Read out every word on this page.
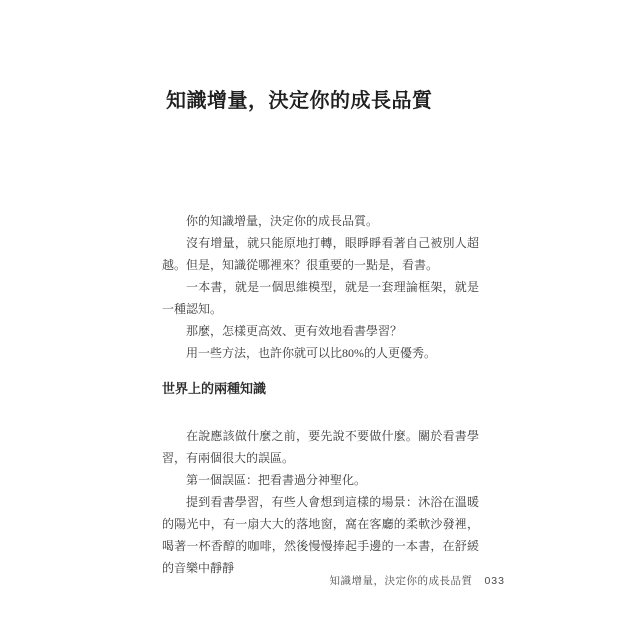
知識增量，決定你的成長品質

你的知識增量，決定你的成長品質。

沒有增量，就只能原地打轉，眼睜睜看著自己被別人超越。但是，知識從哪裡來？很重要的一點是，看書。

一本書，就是一個思維模型，就是一套理論框架，就是一種認知。

那麼，怎樣更高效、更有效地看書學習？

用一些方法，也許你就可以比80%的人更優秀。

世界上的兩種知識

在說應該做什麼之前，要先說不要做什麼。關於看書學習，有兩個很大的誤區。

第一個誤區：把看書過分神聖化。

提到看書學習，有些人會想到這樣的場景：沐浴在溫暖的陽光中，有一扇大大的落地窗，窩在客廳的柔軟沙發裡，喝著一杯香醇的咖啡，然後慢慢捧起手邊的一本書，在舒緩的音樂中靜靜

知識增量，決定你的成長品質 033
